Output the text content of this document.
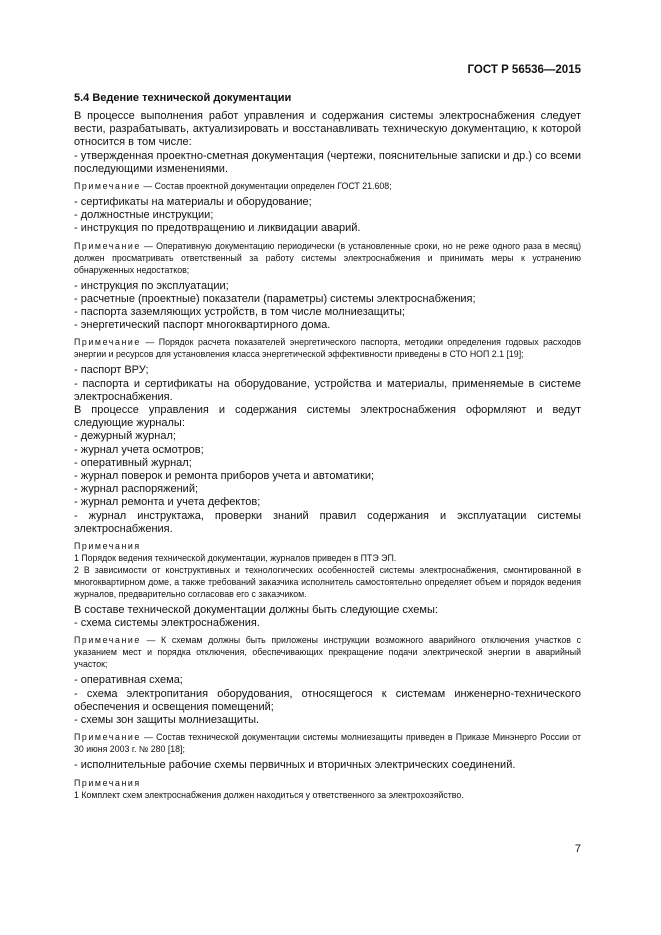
ГОСТ Р 56536—2015
5.4 Ведение технической документации

В процессе выполнения работ управления и содержания системы электроснабжения следует вести, разрабатывать, актуализировать и восстанавливать техническую документацию, к которой относится в том числе:

- утвержденная проектно-сметная документация (чертежи, пояснительные записки и др.) со всеми последующими изменениями.

Примечание — Состав проектной документации определен ГОСТ 21.608;

- сертификаты на материалы и оборудование;

- должностные инструкции;

- инструкция по предотвращению и ликвидации аварий.

Примечание — Оперативную документацию периодически (в установленные сроки, но не реже одного раза в месяц) должен просматривать ответственный за работу системы электроснабжения и принимать меры к устранению обнаруженных недостатков;

- инструкция по эксплуатации;

- расчетные (проектные) показатели (параметры) системы электроснабжения;

- паспорта заземляющих устройств, в том числе молниезащиты;

- энергетический паспорт многоквартирного дома.

Примечание — Порядок расчета показателей энергетического паспорта, методики определения годовых расходов энергии и ресурсов для установления класса энергетической эффективности приведены в СТО НОП 2.1 [19];

- паспорт ВРУ;

- паспорта и сертификаты на оборудование, устройства и материалы, применяемые в системе электроснабжения.

В процессе управления и содержания системы электроснабжения оформляют и ведут следующие журналы:

- дежурный журнал;

- журнал учета осмотров;

- оперативный журнал;

- журнал поверок и ремонта приборов учета и автоматики;

- журнал распоряжений;

- журнал ремонта и учета дефектов;

- журнал инструктажа, проверки знаний правил содержания и эксплуатации системы электроснабжения.

Примечания

1 Порядок ведения технической документации, журналов приведен в ПТЭ ЭП.

2 В зависимости от конструктивных и технологических особенностей системы электроснабжения, смонтированной в многоквартирном доме, а также требований заказчика исполнитель самостоятельно определяет объем и порядок ведения журналов, предварительно согласовав его с заказчиком.

В составе технической документации должны быть следующие схемы:

- схема системы электроснабжения.

Примечание — К схемам должны быть приложены инструкции возможного аварийного отключения участков с указанием мест и порядка отключения, обеспечивающих прекращение подачи электрической энергии в аварийный участок;

- оперативная схема;

- схема электропитания оборудования, относящегося к системам инженерно-технического обеспечения и освещения помещений;

- схемы зон защиты молниезащиты.

Примечание — Состав технической документации системы молниезащиты приведен в Приказе Минэнерго России от 30 июня 2003 г. № 280 [18];

- исполнительные рабочие схемы первичных и вторичных электрических соединений.

Примечания

1 Комплект схем электроснабжения должен находиться у ответственного за электрохозяйство.

7
